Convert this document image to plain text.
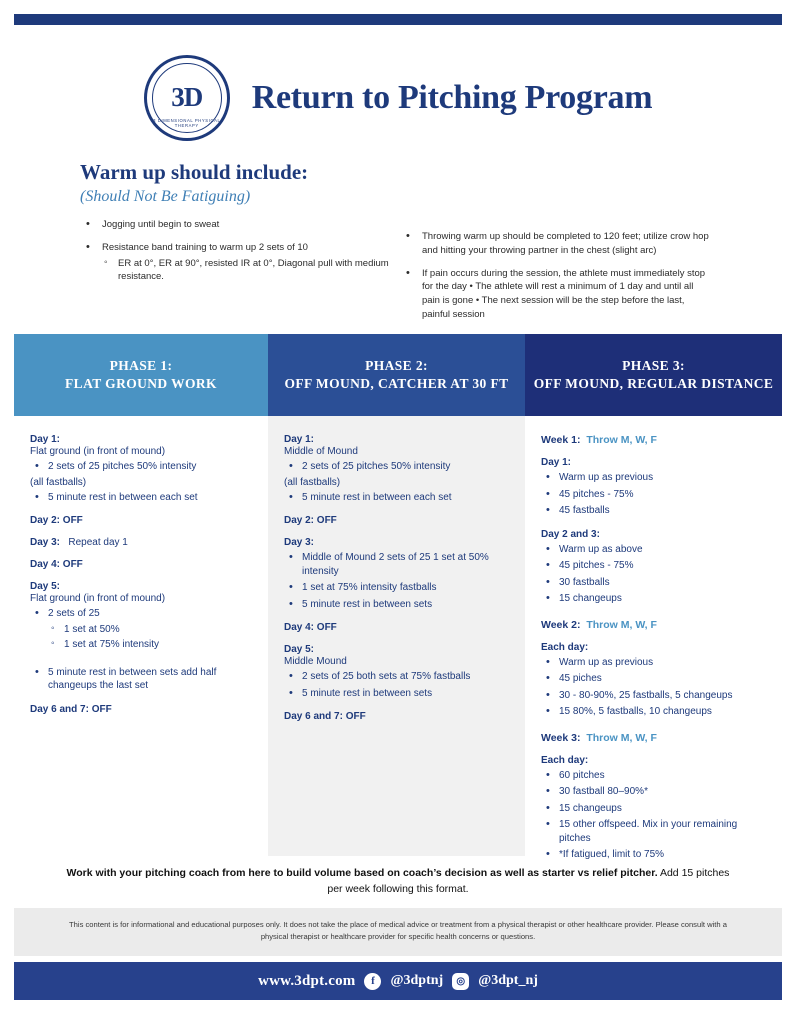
3D
3 DIMENSIONAL PHYSICAL THERAPY
Return to Pitching Program
Warm up should include:
(Should Not Be Fatiguing)
• Jogging until begin to sweat
• Resistance band training to warm up 2 sets of 10
◦ ER at 0°, ER at 90°, resisted IR at 0°, Diagonal pull with medium resistance.
• Throwing warm up should be completed to 120 feet; utilize crow hop and hitting your throwing partner in the chest (slight arc)
• If pain occurs during the session, the athlete must immediately stop for the day • The athlete will rest a minimum of 1 day and until all pain is gone • The next session will be the step before the last, painful session
PHASE 1:
FLAT GROUND WORK
PHASE 2:
OFF MOUND, CATCHER AT 30 FT
PHASE 3:
OFF MOUND, REGULAR DISTANCE
Day 1:
Flat ground (in front of mound)
• 2 sets of 25 pitches 50% intensity
(all fastballs)
• 5 minute rest in between each set
Day 2: OFF
Day 3: Repeat day 1
Day 4: OFF
Day 5:
Flat ground (in front of mound)
• 2 sets of 25
◦ 1 set at 50%
◦ 1 set at 75% intensity
• 5 minute rest in between sets add half changeups the last set
Day 6 and 7: OFF
Day 1:
Middle of Mound
• 2 sets of 25 pitches 50% intensity
(all fastballs)
• 5 minute rest in between each set
Day 2: OFF
Day 3:
• Middle of Mound 2 sets of 25 1 set at 50% intensity
• 1 set at 75% intensity fastballs
• 5 minute rest in between sets
Day 4: OFF
Day 5:
Middle Mound
• 2 sets of 25 both sets at 75% fastballs
• 5 minute rest in between sets
Day 6 and 7: OFF
Week 1: Throw M, W, F
Day 1:
• Warm up as previous
• 45 pitches - 75%
• 45 fastballs
Day 2 and 3:
• Warm up as above
• 45 pitches - 75%
• 30 fastballs
• 15 changeups
Week 2: Throw M, W, F
Each day:
• Warm up as previous
• 45 piches
• 30 - 80-90%, 25 fastballs, 5 changeups
• 15 80%, 5 fastballs, 10 changeups
Week 3: Throw M, W, F
Each day:
• 60 pitches
• 30 fastball 80–90%*
• 15 changeups
• 15 other offspeed. Mix in your remaining pitches
• *If fatigued, limit to 75%
Work with your pitching coach from here to build volume based on coach’s decision as well as starter vs relief pitcher. Add 15 pitches per week following this format.
This content is for informational and educational purposes only. It does not take the place of medical advice or treatment from a physical therapist or other healthcare provider. Please consult with a physical therapist or healthcare provider for specific health concerns or questions.
www.3dpt.com	f	@3dptnj	◎ @3dpt_nj
